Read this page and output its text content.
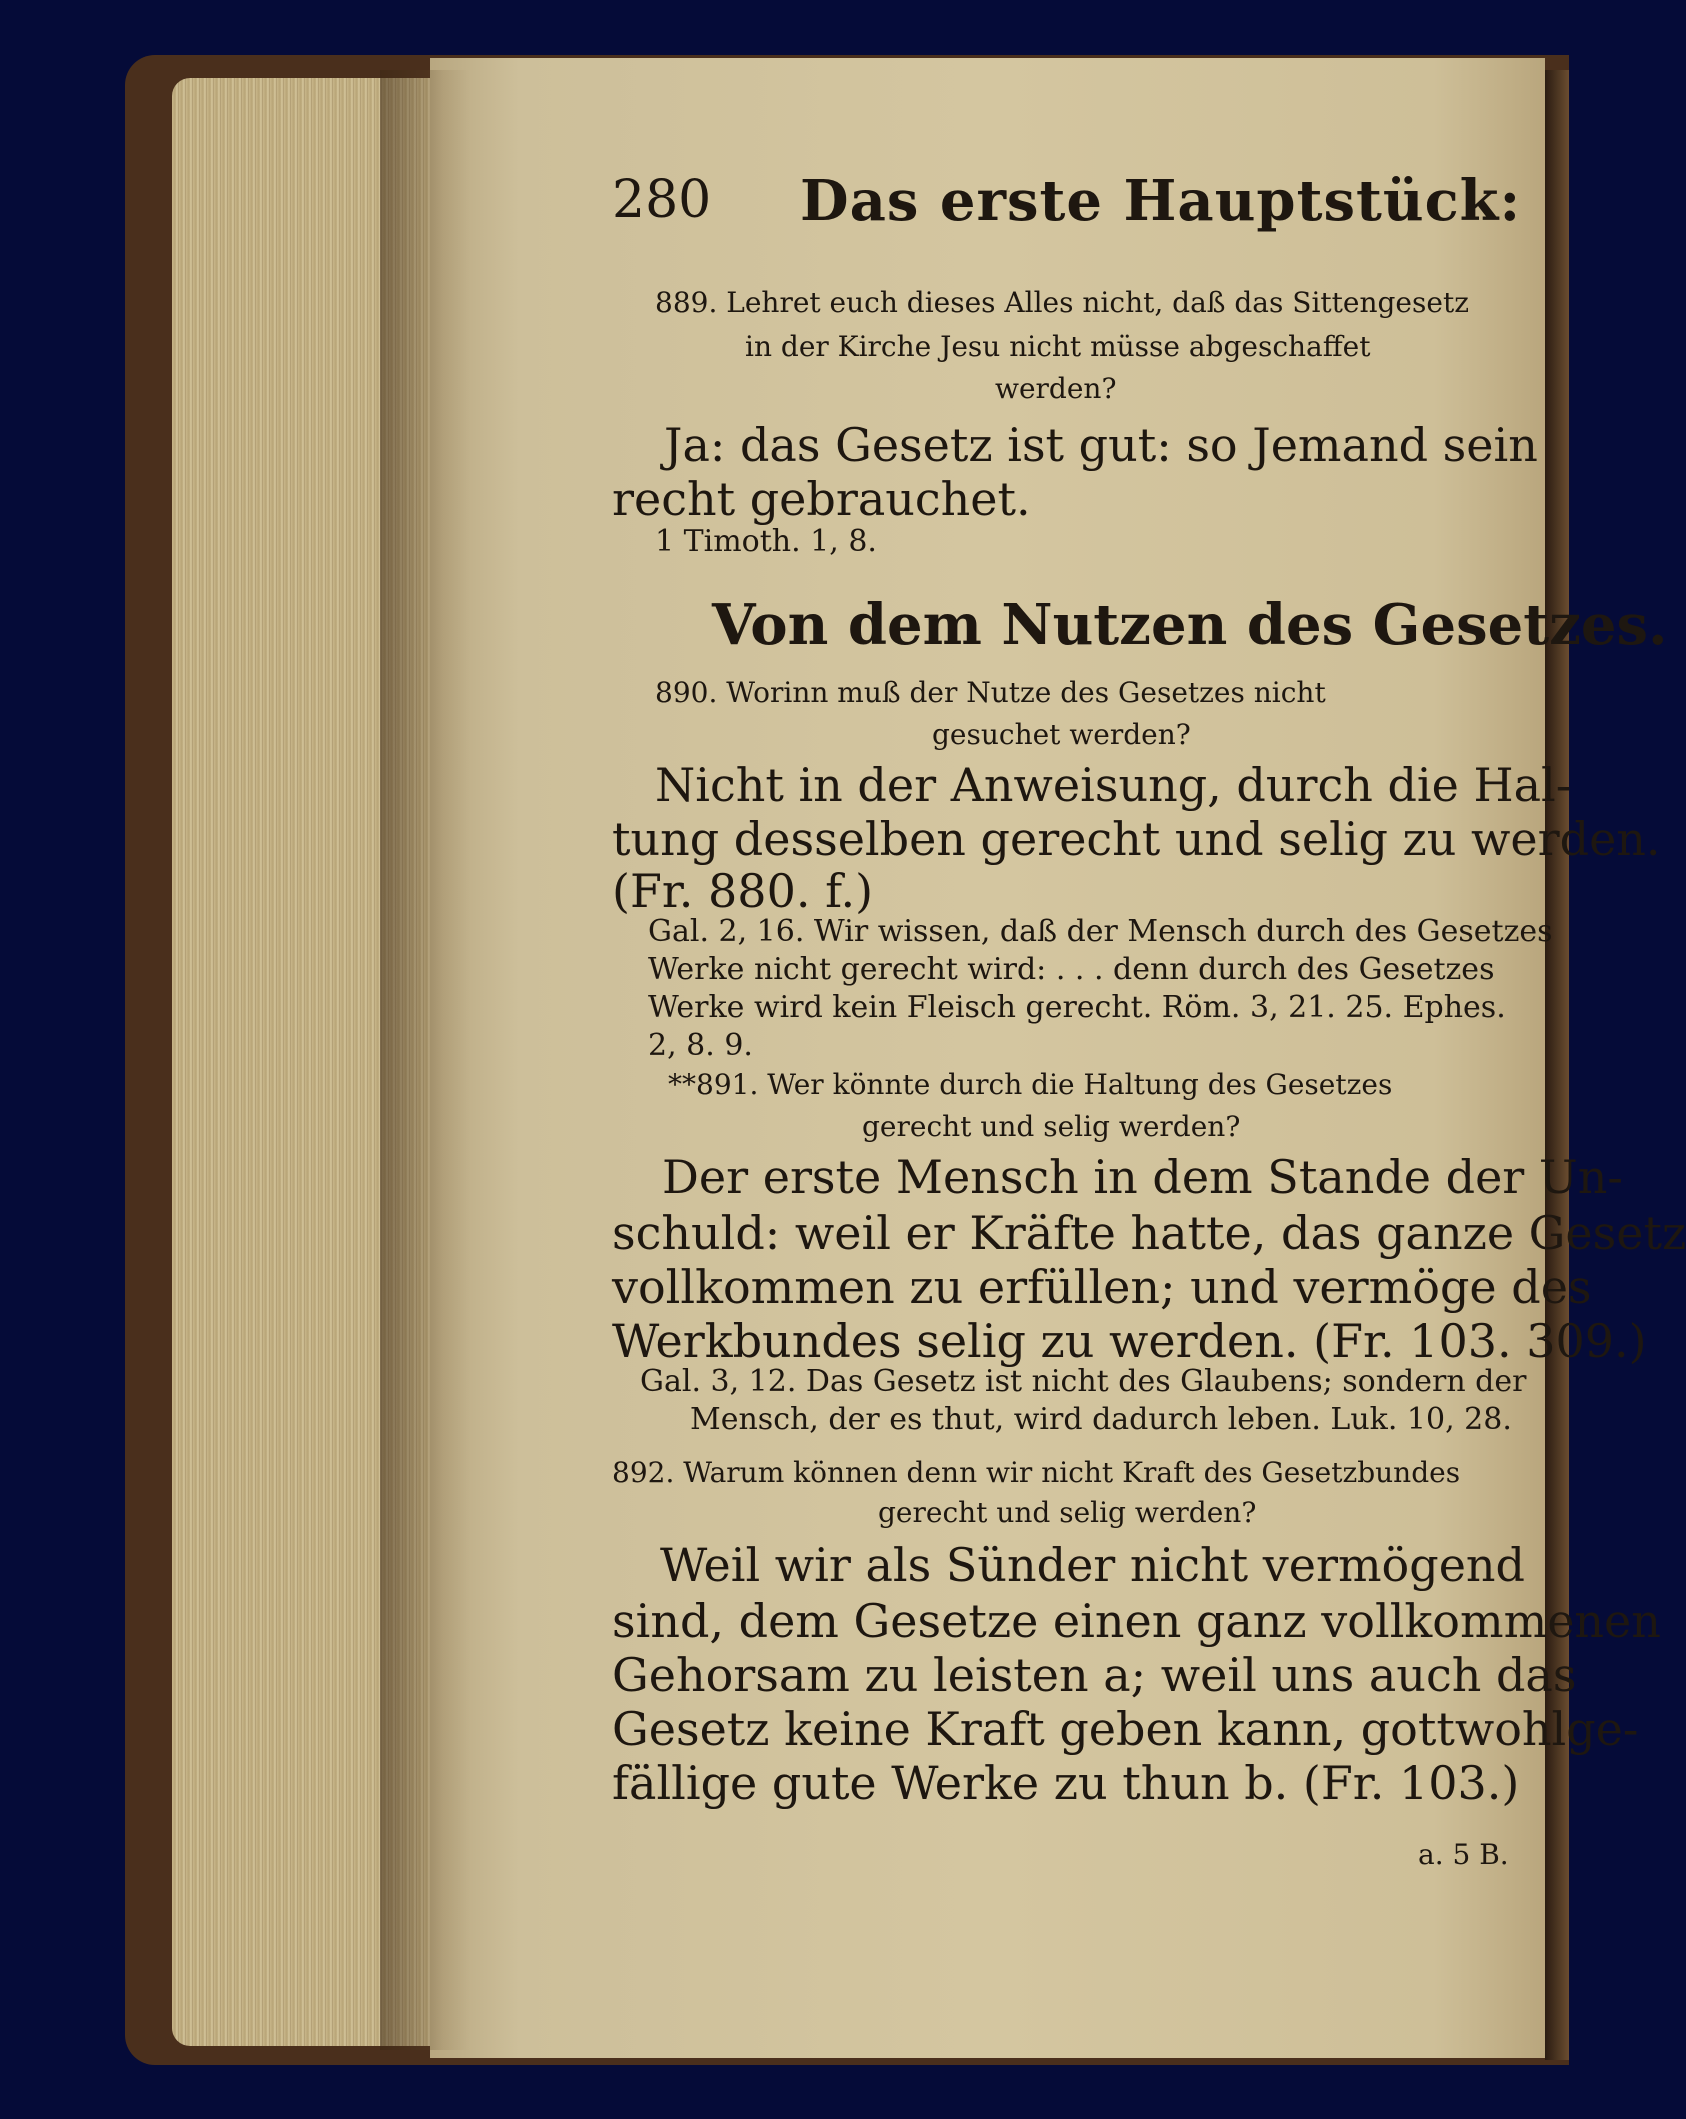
280 Das erste Hauptstück:
889. Lehret euch dieses Alles nicht, daß das Sittengesetz
in der Kirche Jesu nicht müsse abgeschaffet
werden?
Ja: das Gesetz ist gut: so Jemand sein
recht gebrauchet.
1 Timoth. 1, 8.
Von dem Nutzen des Gesetzes.
890. Worinn muß der Nutze des Gesetzes nicht
gesuchet werden?
Nicht in der Anweisung, durch die Hal-
tung desselben gerecht und selig zu werden.
(Fr. 880. f.)
Gal. 2, 16. Wir wissen, daß der Mensch durch des Gesetzes
Werke nicht gerecht wird: . . . denn durch des Gesetzes
Werke wird kein Fleisch gerecht. Röm. 3, 21. 25. Ephes.
2, 8. 9.
**891. Wer könnte durch die Haltung des Gesetzes
gerecht und selig werden?
Der erste Mensch in dem Stande der Un-
schuld: weil er Kräfte hatte, das ganze Gesetz
vollkommen zu erfüllen; und vermöge des
Werkbundes selig zu werden. (Fr. 103. 309.)
Gal. 3, 12. Das Gesetz ist nicht des Glaubens; sondern der
Mensch, der es thut, wird dadurch leben. Luk. 10, 28.
892. Warum können denn wir nicht Kraft des Gesetzbundes
gerecht und selig werden?
Weil wir als Sünder nicht vermögend
sind, dem Gesetze einen ganz vollkommenen
Gehorsam zu leisten a; weil uns auch das
Gesetz keine Kraft geben kann, gottwohlge-
fällige gute Werke zu thun b. (Fr. 103.)
a. 5 B.
